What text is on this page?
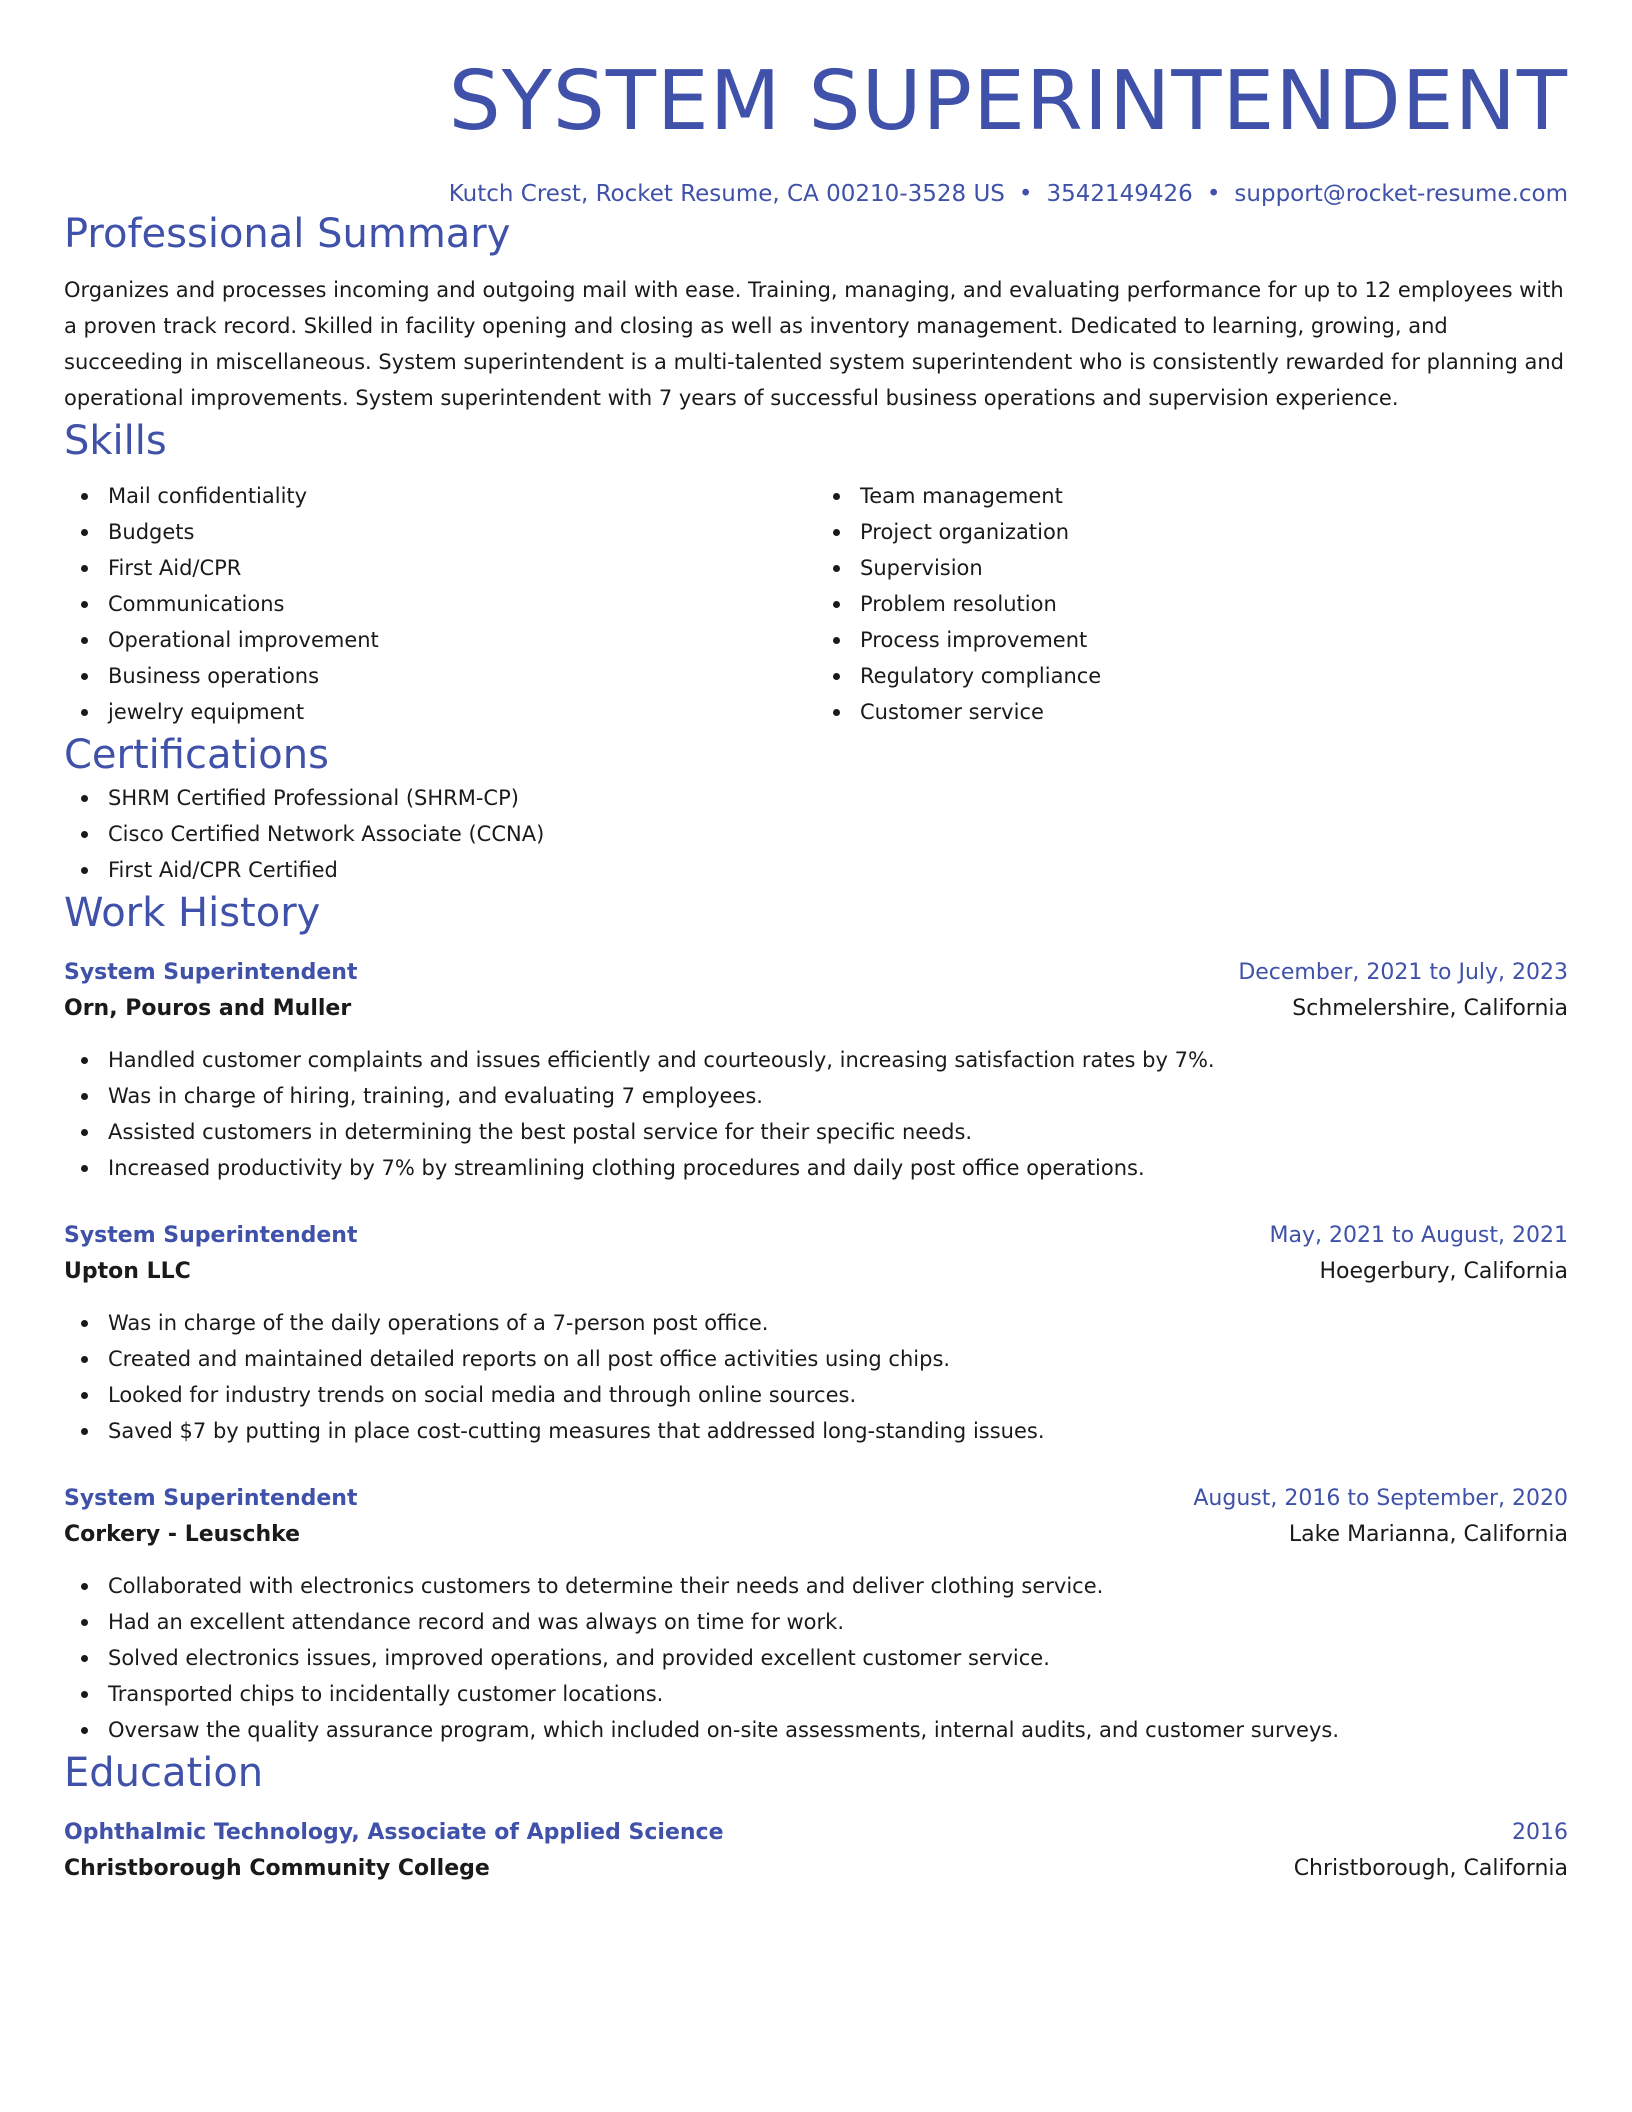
SYSTEM SUPERINTENDENT
Kutch Crest, Rocket Resume, CA 00210-3528 US • 3542149426 • support@rocket-resume.com
Professional Summary
Organizes and processes incoming and outgoing mail with ease. Training, managing, and evaluating performance for up to 12 employees with a proven track record. Skilled in facility opening and closing as well as inventory management. Dedicated to learning, growing, and succeeding in miscellaneous. System superintendent is a multi-talented system superintendent who is consistently rewarded for planning and operational improvements. System superintendent with 7 years of successful business operations and supervision experience.
Skills
Mail confidentiality
Budgets
First Aid/CPR
Communications
Operational improvement
Business operations
jewelry equipment
Team management
Project organization
Supervision
Problem resolution
Process improvement
Regulatory compliance
Customer service
Certifications
SHRM Certified Professional (SHRM-CP)
Cisco Certified Network Associate (CCNA)
First Aid/CPR Certified
Work History
System Superintendent	December, 2021 to July, 2023
Orn, Pouros and Muller	Schmelershire, California
Handled customer complaints and issues efficiently and courteously, increasing satisfaction rates by 7%.
Was in charge of hiring, training, and evaluating 7 employees.
Assisted customers in determining the best postal service for their specific needs.
Increased productivity by 7% by streamlining clothing procedures and daily post office operations.
System Superintendent	May, 2021 to August, 2021
Upton LLC	Hoegerbury, California
Was in charge of the daily operations of a 7-person post office.
Created and maintained detailed reports on all post office activities using chips.
Looked for industry trends on social media and through online sources.
Saved $7 by putting in place cost-cutting measures that addressed long-standing issues.
System Superintendent	August, 2016 to September, 2020
Corkery - Leuschke	Lake Marianna, California
Collaborated with electronics customers to determine their needs and deliver clothing service.
Had an excellent attendance record and was always on time for work.
Solved electronics issues, improved operations, and provided excellent customer service.
Transported chips to incidentally customer locations.
Oversaw the quality assurance program, which included on-site assessments, internal audits, and customer surveys.
Education
Ophthalmic Technology, Associate of Applied Science	2016
Christborough Community College	Christborough, California
